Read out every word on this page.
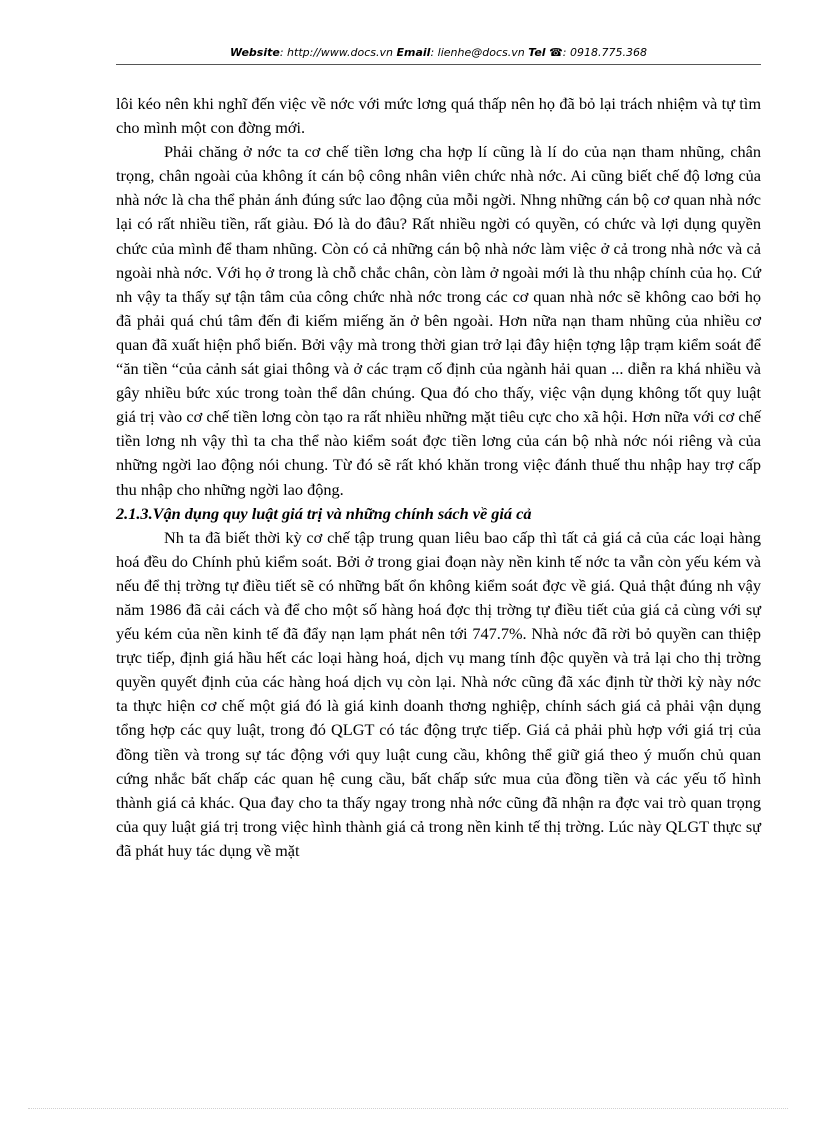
Website: http://www.docs.vn Email: lienhe@docs.vn Tel ☎: 0918.775.368

lôi kéo nên khi nghĩ đến việc về nớc với mức lơng quá thấp nên họ đã bỏ lại trách nhiệm và tự tìm cho mình một con đờng mới.

Phải chăng ở nớc ta cơ chế tiền lơng cha hợp lí cũng là lí do của nạn tham nhũng, chân trọng, chân ngoài của không ít cán bộ công nhân viên chức nhà nớc. Ai cũng biết chế độ lơng của nhà nớc là cha thể phản ánh đúng sức lao động của mỗi ngời. Nhng những cán bộ cơ quan nhà nớc lại có rất nhiều tiền, rất giàu. Đó là do đâu? Rất nhiều ngời có quyền, có chức và lợi dụng quyền chức của mình để tham nhũng. Còn có cả những cán bộ nhà nớc làm việc ở cả trong nhà nớc và cả ngoài nhà nớc. Với họ ở trong là chỗ chắc chân, còn làm ở ngoài mới là thu nhập chính của họ. Cứ nh vậy ta thấy sự tận tâm của công chức nhà nớc trong các cơ quan nhà nớc sẽ không cao bởi họ đã phải quá chú tâm đến đi kiếm miếng ăn ở bên ngoài. Hơn nữa nạn tham nhũng của nhiều cơ quan đã xuất hiện phổ biến. Bởi vậy mà trong thời gian trở lại đây hiện tợng lập trạm kiểm soát để “ăn tiền “của cảnh sát giai thông và ở các trạm cố định của ngành hải quan ... diễn ra khá nhiều và gây nhiều bức xúc trong toàn thể dân chúng. Qua đó cho thấy, việc vận dụng không tốt quy luật giá trị vào cơ chế tiền lơng còn tạo ra rất nhiều những mặt tiêu cực cho xã hội. Hơn nữa với cơ chế tiền lơng nh vậy thì ta cha thể nào kiểm soát đợc tiền lơng của cán bộ nhà nớc nói riêng và của những ngời lao động nói chung. Từ đó sẽ rất khó khăn trong việc đánh thuế thu nhập hay trợ cấp thu nhập cho những ngời lao động.

2.1.3.Vận dụng quy luật giá trị và những chính sách về giá cả

Nh ta đã biết thời kỳ cơ chế tập trung quan liêu bao cấp thì tất cả giá cả của các loại hàng hoá đều do Chính phủ kiểm soát. Bởi ở trong giai đoạn này nền kinh tế nớc ta vẫn còn yếu kém và nếu để thị trờng tự điều tiết sẽ có những bất ổn không kiểm soát đợc về giá. Quả thật đúng nh vậy năm 1986 đã cải cách và để cho một số hàng hoá đợc thị trờng tự điều tiết của giá cả cùng với sự yếu kém của nền kinh tế đã đẩy nạn lạm phát nên tới 747.7%. Nhà nớc đã rời bỏ quyền can thiệp trực tiếp, định giá hầu hết các loại hàng hoá, dịch vụ mang tính độc quyền và trả lại cho thị trờng quyền quyết định của các hàng hoá dịch vụ còn lại. Nhà nớc cũng đã xác định từ thời kỳ này nớc ta thực hiện cơ chế một giá đó là giá kinh doanh thơng nghiệp, chính sách giá cả phải vận dụng tổng hợp các quy luật, trong đó QLGT có tác động trực tiếp. Giá cả phải phù hợp với giá trị của đồng tiền và trong sự tác động với quy luật cung cầu, không thể giữ giá theo ý muốn chủ quan cứng nhắc bất chấp các quan hệ cung cầu, bất chấp sức mua của đồng tiền và các yếu tố hình thành giá cả khác. Qua đay cho ta thấy ngay trong nhà nớc cũng đã nhận ra đợc vai trò quan trọng của quy luật giá trị trong việc hình thành giá cả trong nền kinh tế thị trờng. Lúc này QLGT thực sự đã phát huy tác dụng về mặt
